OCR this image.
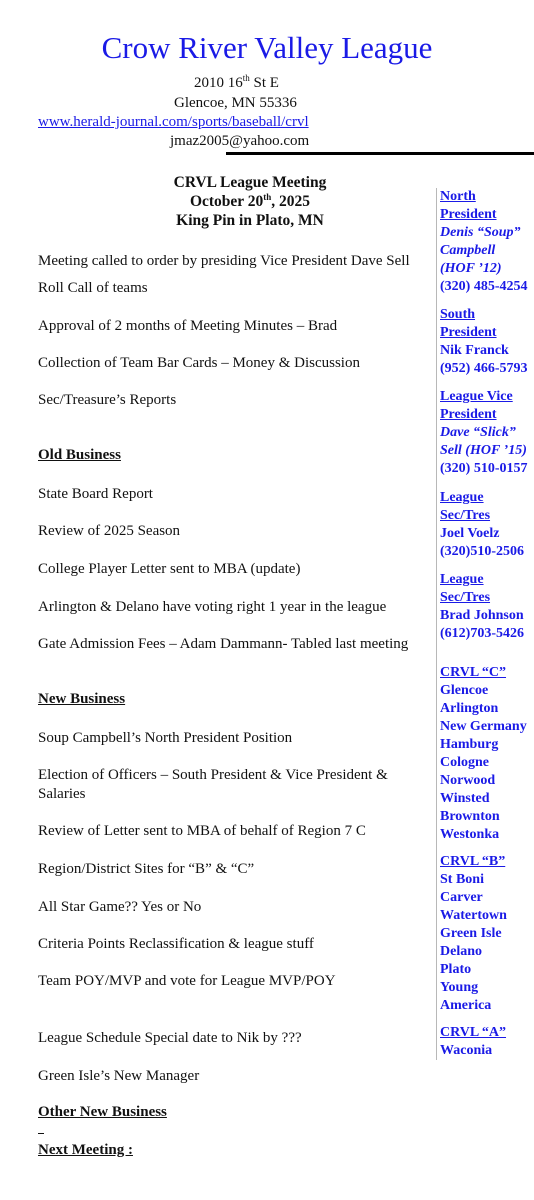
Crow River Valley League
2010 16th St E
Glencoe, MN 55336
www.herald-journal.com/sports/baseball/crvl
jmaz2005@yahoo.com
CRVL League Meeting
October 20th, 2025
King Pin in Plato, MN
Meeting called to order by presiding Vice President Dave Sell
Roll Call of teams
Approval of 2 months of Meeting Minutes – Brad
Collection of Team Bar Cards – Money & Discussion
Sec/Treasure’s Reports
Old Business
State Board Report
Review of 2025 Season
College Player Letter sent to MBA (update)
Arlington & Delano have voting right 1 year in the league
Gate Admission Fees – Adam Dammann- Tabled last meeting
New Business
Soup Campbell’s North President Position
Election of Officers – South President & Vice President &
Salaries
Review of Letter sent to MBA of behalf of Region 7 C
Region/District Sites for “B” & “C”
All Star Game?? Yes or No
Criteria Points Reclassification & league stuff
Team POY/MVP and vote for League MVP/POY
League Schedule Special date to Nik by ???
Green Isle’s New Manager
Other New Business
Next Meeting :
North
President
Denis “Soup”
Campbell
(HOF ’12)
(320) 485-4254
South
President
Nik Franck
(952) 466-5793
League Vice
President
Dave “Slick”
Sell (HOF ’15)
(320) 510-0157
League
Sec/Tres
Joel Voelz
(320)510-2506
League
Sec/Tres
Brad Johnson
(612)703-5426
CRVL “C”
Glencoe
Arlington
New Germany
Hamburg
Cologne
Norwood
Winsted
Brownton
Westonka
CRVL “B”
St Boni
Carver
Watertown
Green Isle
Delano
Plato
Young
America
CRVL “A”
Waconia
